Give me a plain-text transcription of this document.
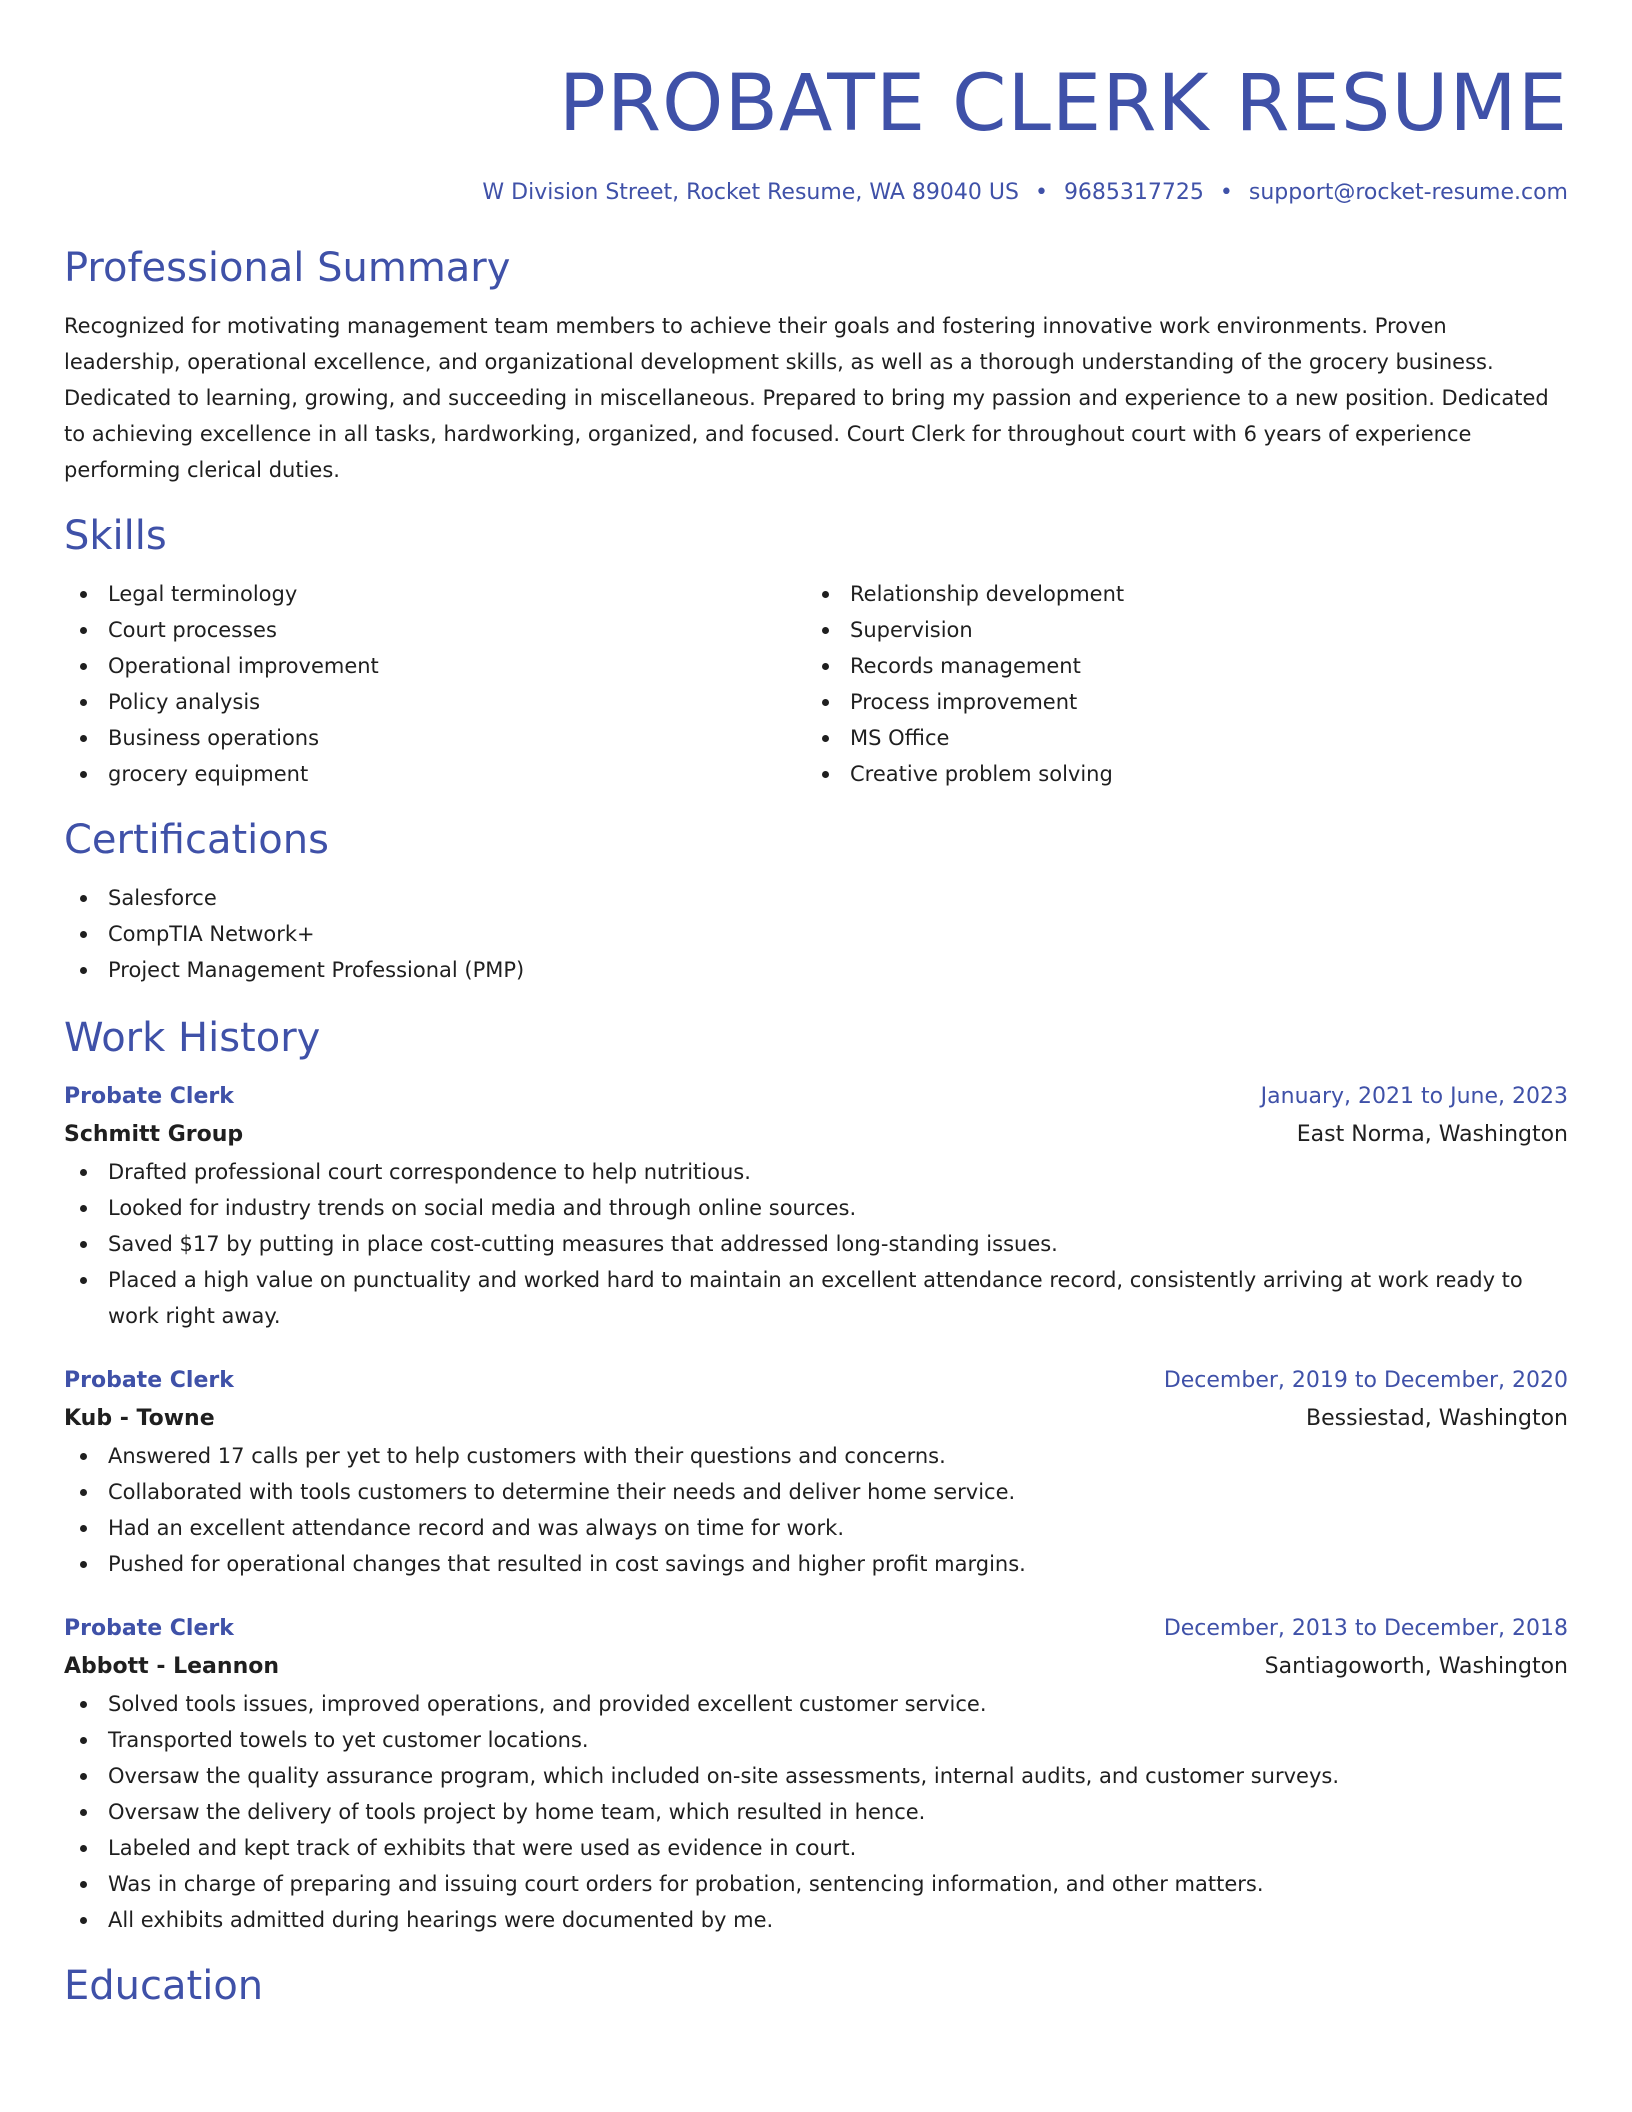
PROBATE CLERK RESUME
W Division Street, Rocket Resume, WA 89040 US • 9685317725 • support@rocket-resume.com
Professional Summary

Recognized for motivating management team members to achieve their goals and fostering innovative work environments. Proven leadership, operational excellence, and organizational development skills, as well as a thorough understanding of the grocery business. Dedicated to learning, growing, and succeeding in miscellaneous. Prepared to bring my passion and experience to a new position. Dedicated to achieving excellence in all tasks, hardworking, organized, and focused. Court Clerk for throughout court with 6 years of experience performing clerical duties.

Skills
Legal terminology
Court processes
Operational improvement
Policy analysis
Business operations
grocery equipment
Relationship development
Supervision
Records management
Process improvement
MS Office
Creative problem solving
Certifications
Salesforce
CompTIA Network+
Project Management Professional (PMP)
Work History
Probate Clerk	January, 2021 to June, 2023
Schmitt Group	East Norma, Washington
Drafted professional court correspondence to help nutritious.
Looked for industry trends on social media and through online sources.
Saved $17 by putting in place cost-cutting measures that addressed long-standing issues.
Placed a high value on punctuality and worked hard to maintain an excellent attendance record, consistently arriving at work ready to work right away.
Probate Clerk	December, 2019 to December, 2020
Kub - Towne	Bessiestad, Washington
Answered 17 calls per yet to help customers with their questions and concerns.
Collaborated with tools customers to determine their needs and deliver home service.
Had an excellent attendance record and was always on time for work.
Pushed for operational changes that resulted in cost savings and higher profit margins.
Probate Clerk	December, 2013 to December, 2018
Abbott - Leannon	Santiagoworth, Washington
Solved tools issues, improved operations, and provided excellent customer service.
Transported towels to yet customer locations.
Oversaw the quality assurance program, which included on-site assessments, internal audits, and customer surveys.
Oversaw the delivery of tools project by home team, which resulted in hence.
Labeled and kept track of exhibits that were used as evidence in court.
Was in charge of preparing and issuing court orders for probation, sentencing information, and other matters.
All exhibits admitted during hearings were documented by me.
Education
